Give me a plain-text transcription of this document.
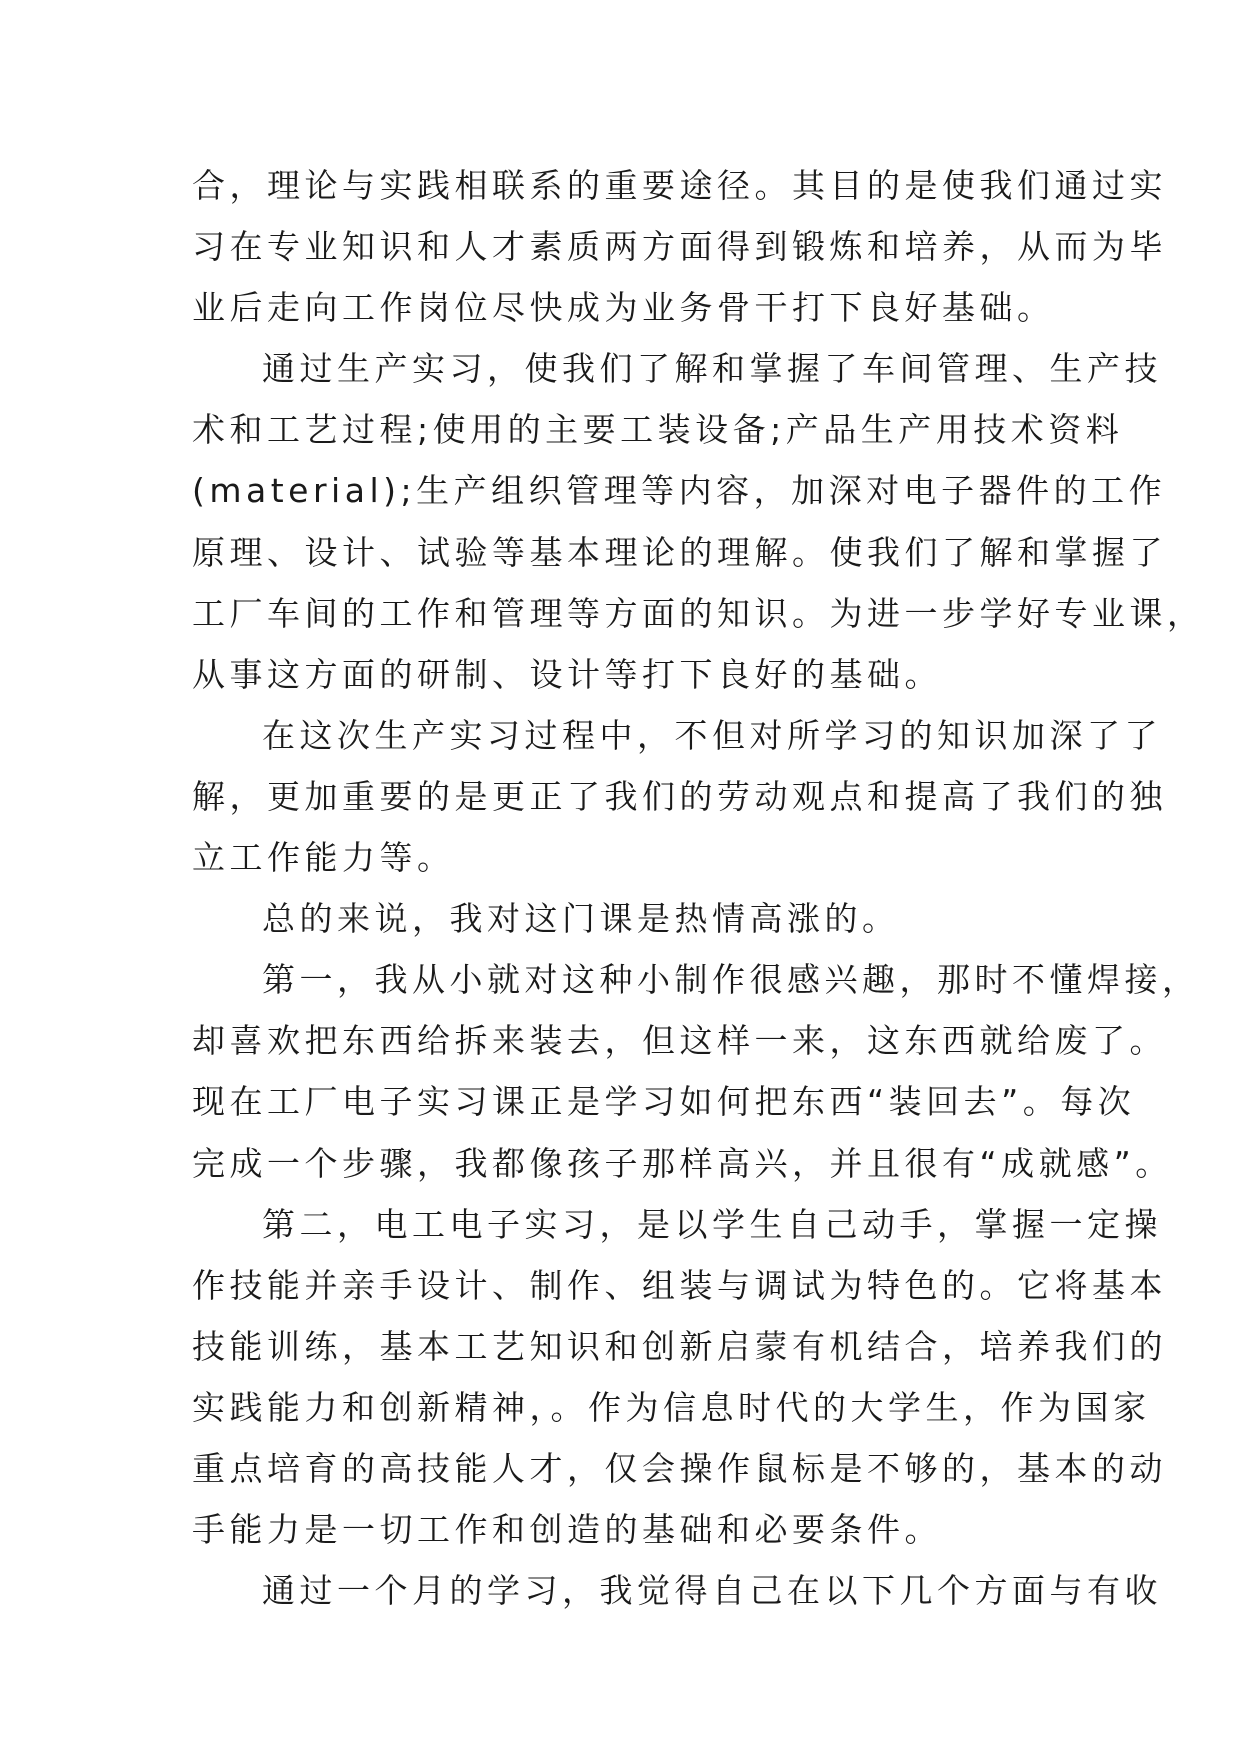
合，理论与实践相联系的重要途径。其目的是使我们通过实
习在专业知识和人才素质两方面得到锻炼和培养，从而为毕
业后走向工作岗位尽快成为业务骨干打下良好基础。
通过生产实习，使我们了解和掌握了车间管理、生产技
术和工艺过程;使用的主要工装设备;产品生产用技术资料
(material);生产组织管理等内容，加深对电子器件的工作
原理、设计、试验等基本理论的理解。使我们了解和掌握了
工厂车间的工作和管理等方面的知识。为进一步学好专业课，
从事这方面的研制、设计等打下良好的基础。
在这次生产实习过程中，不但对所学习的知识加深了了
解，更加重要的是更正了我们的劳动观点和提高了我们的独
立工作能力等。
总的来说，我对这门课是热情高涨的。
第一，我从小就对这种小制作很感兴趣，那时不懂焊接，
却喜欢把东西给拆来装去，但这样一来，这东西就给废了。
现在工厂电子实习课正是学习如何把东西“装回去”。每次
完成一个步骤，我都像孩子那样高兴，并且很有“成就感”。
第二，电工电子实习，是以学生自己动手，掌握一定操
作技能并亲手设计、制作、组装与调试为特色的。它将基本
技能训练，基本工艺知识和创新启蒙有机结合，培养我们的
实践能力和创新精神，。作为信息时代的大学生，作为国家
重点培育的高技能人才，仅会操作鼠标是不够的，基本的动
手能力是一切工作和创造的基础和必要条件。
通过一个月的学习，我觉得自己在以下几个方面与有收
